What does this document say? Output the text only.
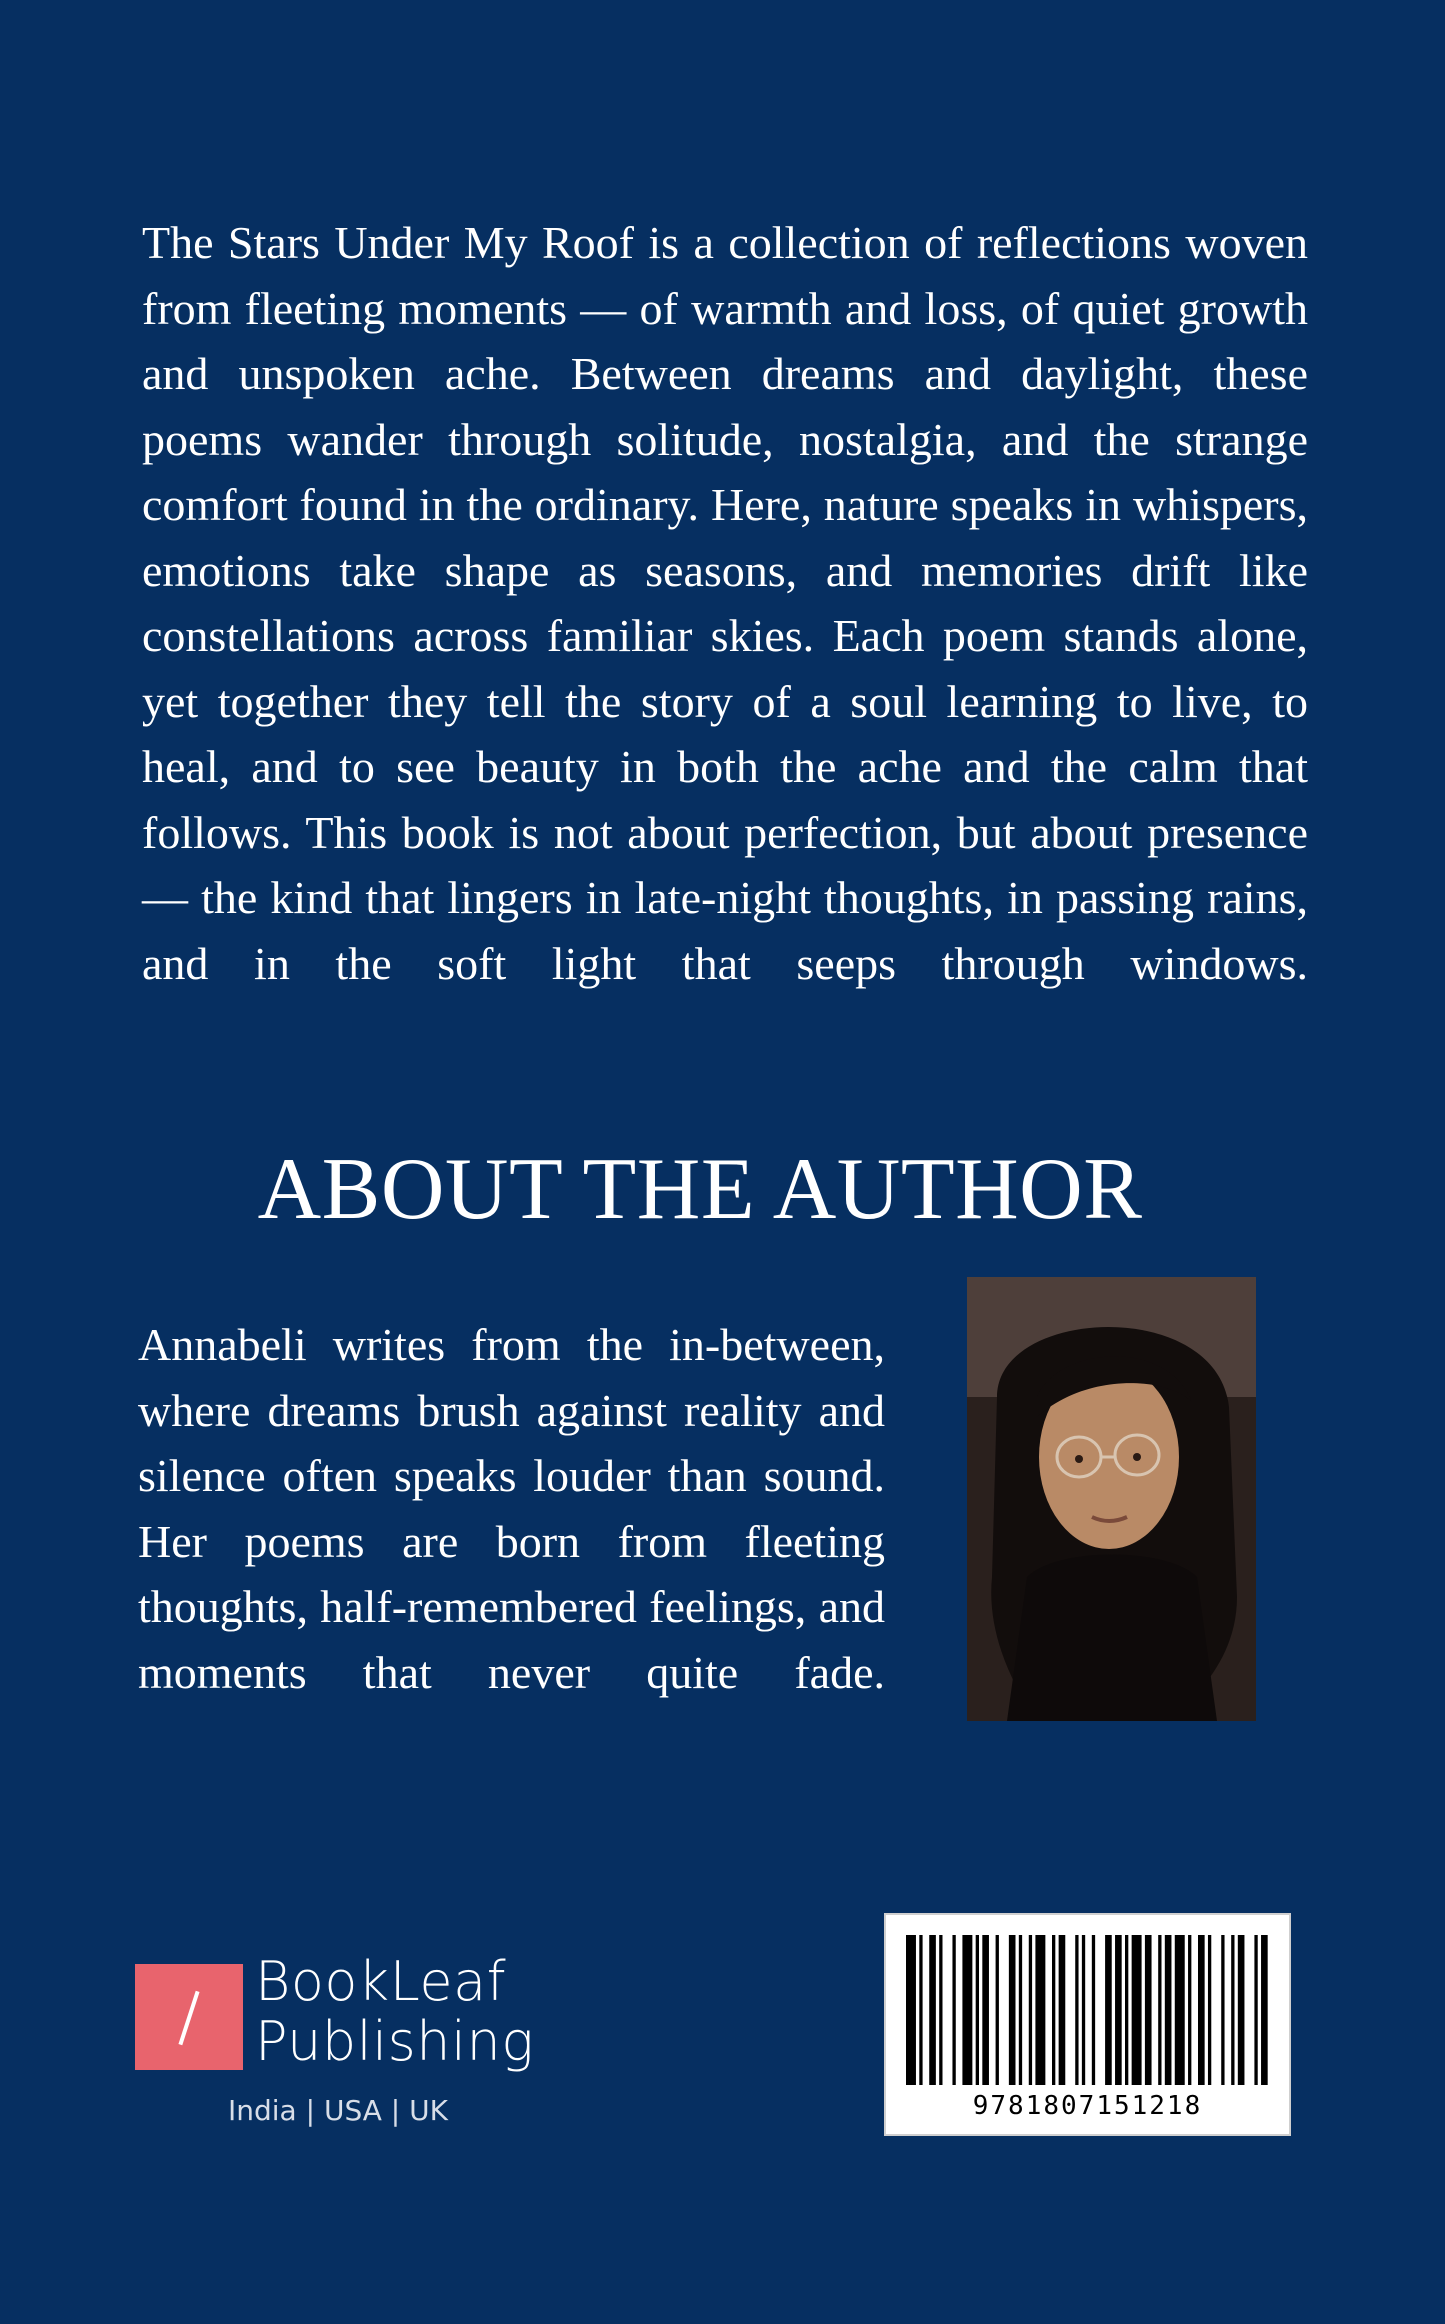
The Stars Under My Roof is a collection of reflections woven from fleeting moments — of warmth and loss, of quiet growth and unspoken ache. Between dreams and daylight, these poems wander through solitude, nostalgia, and the strange comfort found in the ordinary. Here, nature speaks in whispers, emotions take shape as seasons, and memories drift like constellations across familiar skies. Each poem stands alone, yet together they tell the story of a soul learning to live, to heal, and to see beauty in both the ache and the calm that follows. This book is not about perfection, but about presence — the kind that lingers in late-night thoughts, in passing rains, and in the soft light that seeps through windows.

ABOUT THE AUTHOR

Annabeli writes from the in-between, where dreams brush against reality and silence often speaks louder than sound. Her poems are born from fleeting thoughts, half-remembered feelings, and moments that never quite fade.

BookLeaf
Publishing
India | USA | UK	9781807151218
